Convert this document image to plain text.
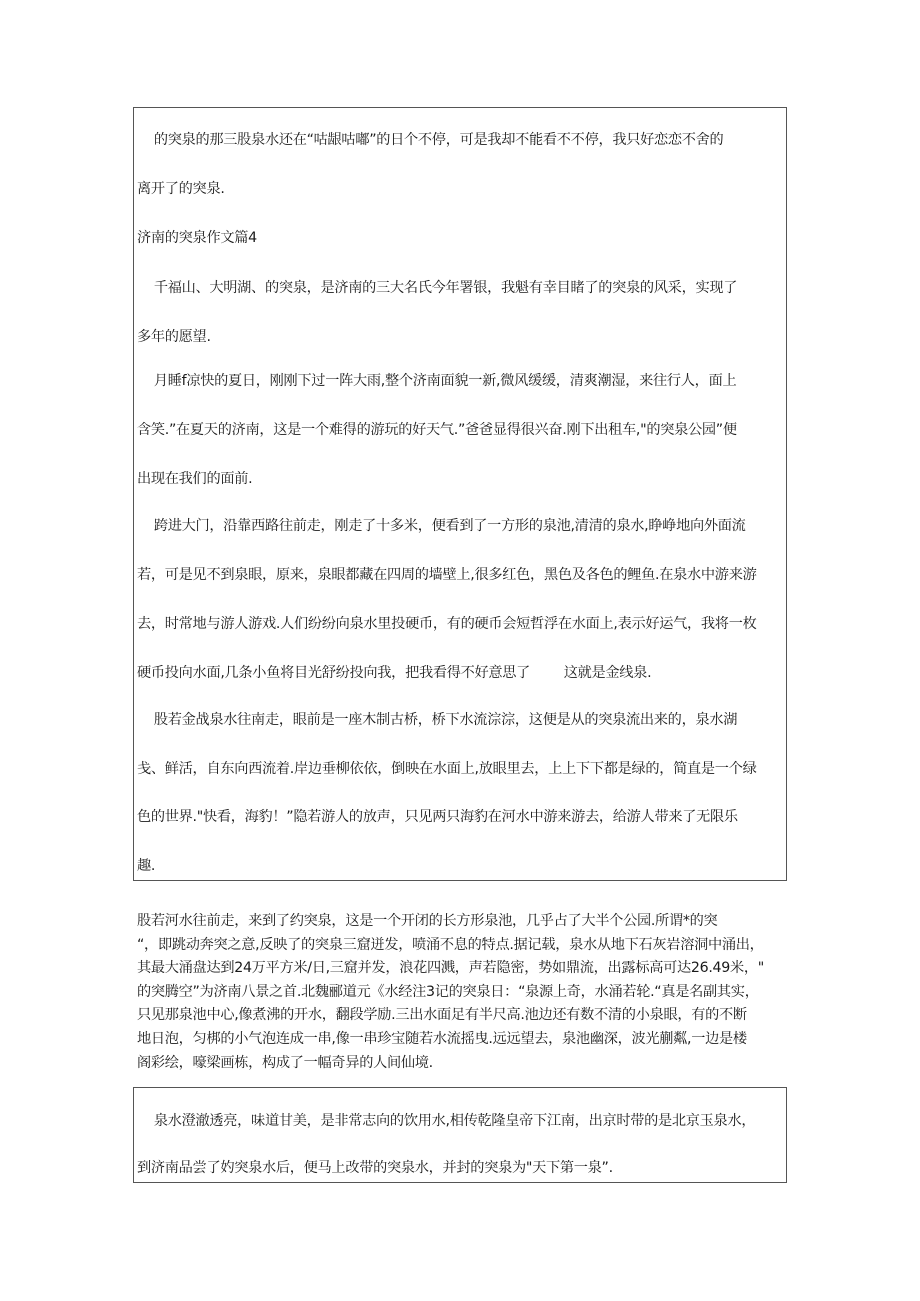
的突泉的那三股泉水还在“咕龈咕嘟”的日个不停，可是我却不能看不不停，我只好恋恋不舍的

离开了的突泉.

济南的突泉作文篇4

千福山、大明湖、的突泉，是济南的三大名氏今年署银，我魁有幸目睹了的突泉的风采，实现了

多年的愿望.

月睡f凉快的夏日，刚刚下过一阵大雨,整个济南面貌一新,微风缓缓，清爽潮湿，来往行人，面上

含笑.”在夏天的济南，这是一个难得的游玩的好天气.”爸爸显得很兴奋.刚下出租车,"的突泉公园”便

出现在我们的面前.

跨进大门，沿靠西路往前走，刚走了十多米，便看到了一方形的泉池,清清的泉水,睁峥地向外面流

若，可是见不到泉眼，原来，泉眼都藏在四周的墙壁上,很多红色，黑色及各色的鲤鱼.在泉水中游来游

去，时常地与游人游戏.人们纷纷向泉水里投硬币，有的硬币会短哲浮在水面上,表示好运气，我将一枚

硬币投向水面,几条小鱼将目光舒纷投向我，把我看得不好意思了        这就是金线泉.

股若金战泉水往南走，眼前是一座木制古桥，桥下水流淙淙，这便是从的突泉流出来的，泉水湖

戋、鲜活，自东向西流着.岸边垂柳依依，倒映在水面上,放眼里去，上上下下都是绿的，简直是一个绿

色的世界."快看，海豹！”隐若游人的放声，只见两只海豹在河水中游来游去，给游人带来了无限乐

趣.

股若河水往前走，来到了约突泉，这是一个开闭的长方形泉池，几乎占了大半个公园.所谓*的突
“，即跳动奔突之意,反映了的突泉三窟迸发，喷涌不息的特点.据记载，泉水从地下石灰岩溶洞中涌出，
其最大涌盘达到24万平方米/日,三窟并发，浪花四溅，声若隐密，势如鼎流，出露标高可达26.49米，"
的突腾空”为济南八景之首.北魏郦道元《水经注3记的突泉日：“泉源上奇，水涌若轮.“真是名副其实，
只见那泉池中心,像煮沸的开水，翻段学励.三出水面足有半尺高.池边还有数不清的小泉眼，有的不断
地日泡，匀梆的小气泡连成一串,像一串珍宝随若水流摇曳.远远望去，泉池幽深，波光蒯粼,一边是楼
阁彩绘，嚎梁画栋，构成了一幅奇异的人间仙境.

泉水澄澈透亮，味道甘美，是非常志向的饮用水,相传乾隆皇帝下江南，出京时带的是北京玉泉水，

到济南品尝了妁突泉水后，便马上改带的突泉水，并封的突泉为"天下第一泉”.
